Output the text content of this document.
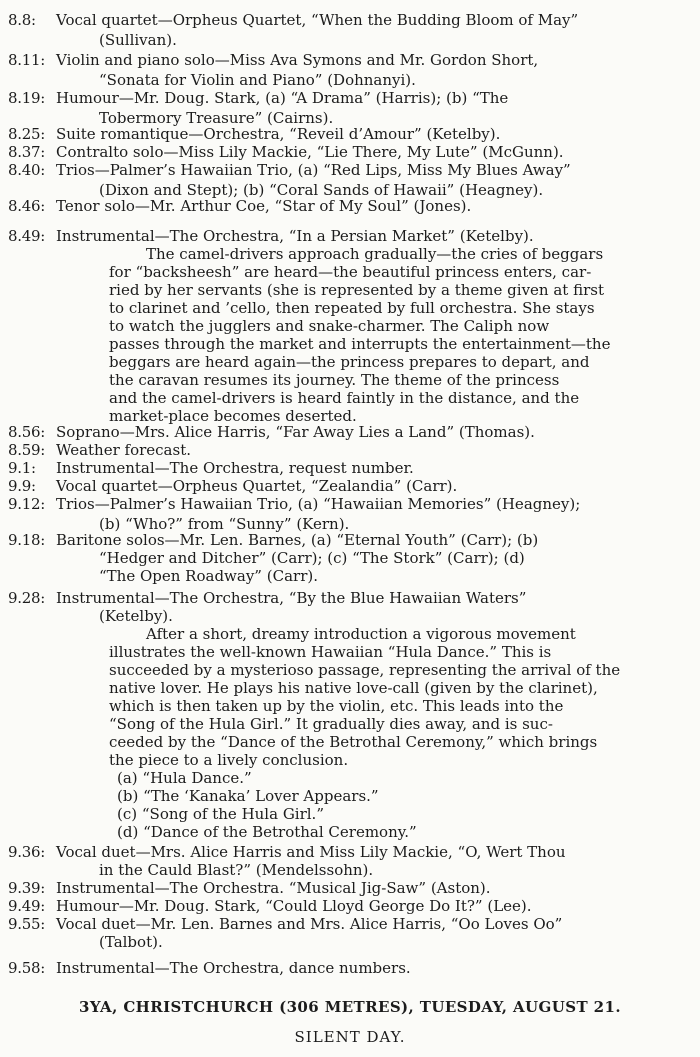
8.8: Vocal quartet—Orpheus Quartet, “When the Budding Bloom of May”
(Sullivan).
8.11: Violin and piano solo—Miss Ava Symons and Mr. Gordon Short,
“Sonata for Violin and Piano” (Dohnanyi).
8.19: Humour—Mr. Doug. Stark, (a) “A Drama” (Harris); (b) “The
Tobermory Treasure” (Cairns).
8.25: Suite romantique—Orchestra, “Reveil d’Amour” (Ketelby).
8.37: Contralto solo—Miss Lily Mackie, “Lie There, My Lute” (McGunn).
8.40: Trios—Palmer’s Hawaiian Trio, (a) “Red Lips, Miss My Blues Away”
(Dixon and Stept); (b) “Coral Sands of Hawaii” (Heagney).
8.46: Tenor solo—Mr. Arthur Coe, “Star of My Soul” (Jones).
8.49: Instrumental—The Orchestra, “In a Persian Market” (Ketelby).
The camel-drivers approach gradually—the cries of beggars
for “backsheesh” are heard—the beautiful princess enters, car-
ried by her servants (she is represented by a theme given at first
to clarinet and ’cello, then repeated by full orchestra. She stays
to watch the jugglers and snake-charmer. The Caliph now
passes through the market and interrupts the entertainment—the
beggars are heard again—the princess prepares to depart, and
the caravan resumes its journey. The theme of the princess
and the camel-drivers is heard faintly in the distance, and the
market-place becomes deserted.
8.56: Soprano—Mrs. Alice Harris, “Far Away Lies a Land” (Thomas).
8.59: Weather forecast.
9.1: Instrumental—The Orchestra, request number.
9.9: Vocal quartet—Orpheus Quartet, “Zealandia” (Carr).
9.12: Trios—Palmer’s Hawaiian Trio, (a) “Hawaiian Memories” (Heagney);
(b) “Who?” from “Sunny” (Kern).
9.18: Baritone solos—Mr. Len. Barnes, (a) “Eternal Youth” (Carr); (b)
“Hedger and Ditcher” (Carr); (c) “The Stork” (Carr); (d)
“The Open Roadway” (Carr).
9.28: Instrumental—The Orchestra, “By the Blue Hawaiian Waters”
(Ketelby).
After a short, dreamy introduction a vigorous movement
illustrates the well-known Hawaiian “Hula Dance.” This is
succeeded by a mysterioso passage, representing the arrival of the
native lover. He plays his native love-call (given by the clarinet),
which is then taken up by the violin, etc. This leads into the
“Song of the Hula Girl.” It gradually dies away, and is suc-
ceeded by the “Dance of the Betrothal Ceremony,” which brings
the piece to a lively conclusion.
(a) “Hula Dance.”
(b) “The ‘Kanaka’ Lover Appears.”
(c) “Song of the Hula Girl.”
(d) “Dance of the Betrothal Ceremony.”
9.36: Vocal duet—Mrs. Alice Harris and Miss Lily Mackie, “O, Wert Thou
in the Cauld Blast?” (Mendelssohn).
9.39: Instrumental—The Orchestra. “Musical Jig-Saw” (Aston).
9.49: Humour—Mr. Doug. Stark, “Could Lloyd George Do It?” (Lee).
9.55: Vocal duet—Mr. Len. Barnes and Mrs. Alice Harris, “Oo Loves Oo”
(Talbot).
9.58: Instrumental—The Orchestra, dance numbers.
3YA, CHRISTCHURCH (306 METRES), TUESDAY, AUGUST 21.
SILENT DAY.
